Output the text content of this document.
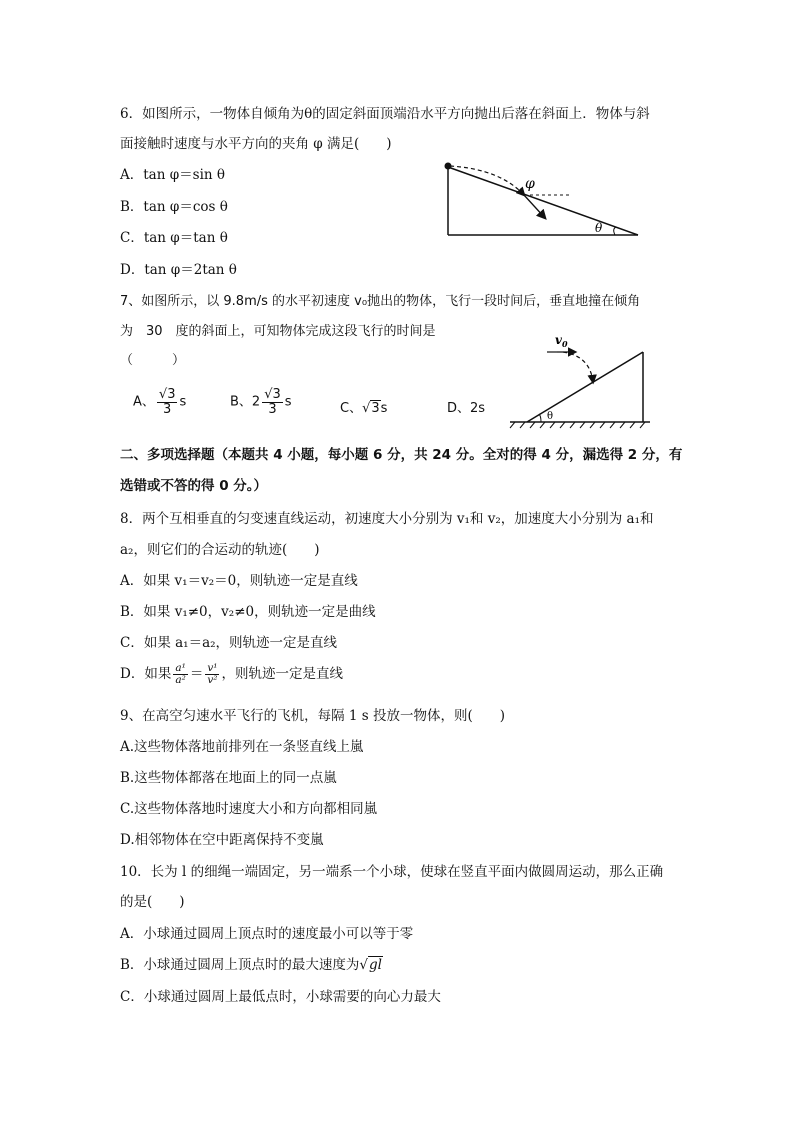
6．如图所示，一物体自倾角为θ的固定斜面顶端沿水平方向抛出后落在斜面上．物体与斜
面接触时速度与水平方向的夹角 φ 满足(　　)
A．tan φ＝sin θ
B．tan φ＝cos θ
C．tan φ＝tan θ
D．tan φ＝2tan θ
φ
θ
7、如图所示，以 9.8m/s 的水平初速度 v₀抛出的物体，飞行一段时间后，垂直地撞在倾角
为　30　度的斜面上，可知物体完成这段飞行的时间是
（　　　）
A、 $\frac{√3}{3}$ s	B、$2 \frac{√3}{3}$ s	C、√3s	D、2s
$v_0$
θ
二、多项选择题（本题共 4 小题，每小题 6 分，共 24 分。全对的得 4 分，漏选得 2 分，有
选错或不答的得 0 分。）
8．两个互相垂直的匀变速直线运动，初速度大小分别为 v₁和 v₂，加速度大小分别为 a₁和
a₂，则它们的合运动的轨迹(　　)
A．如果 v₁＝v₂＝0，则轨迹一定是直线
B．如果 v₁≠0，v₂≠0，则轨迹一定是曲线
C．如果 a₁＝a₂，则轨迹一定是直线
D．如果 $\frac{\text{a¹}}{\text{a²}} = \frac{\text{v¹}}{\text{v²}}$ ，则轨迹一定是直线
9、在高空匀速水平飞行的飞机，每隔 1 s 投放一物体，则(　　)
A.这些物体落地前排列在一条竖直线上嵐
B.这些物体都落在地面上的同一点嵐
C.这些物体落地时速度大小和方向都相同嵐
D.相邻物体在空中距离保持不变嵐
10．长为 l 的细绳一端固定，另一端系一个小球，使球在竖直平面内做圆周运动，那么正确
的是(　　)
A．小球通过圆周上顶点时的速度最小可以等于零
B．小球通过圆周上顶点时的最大速度为√gl
C．小球通过圆周上最低点时，小球需要的向心力最大
